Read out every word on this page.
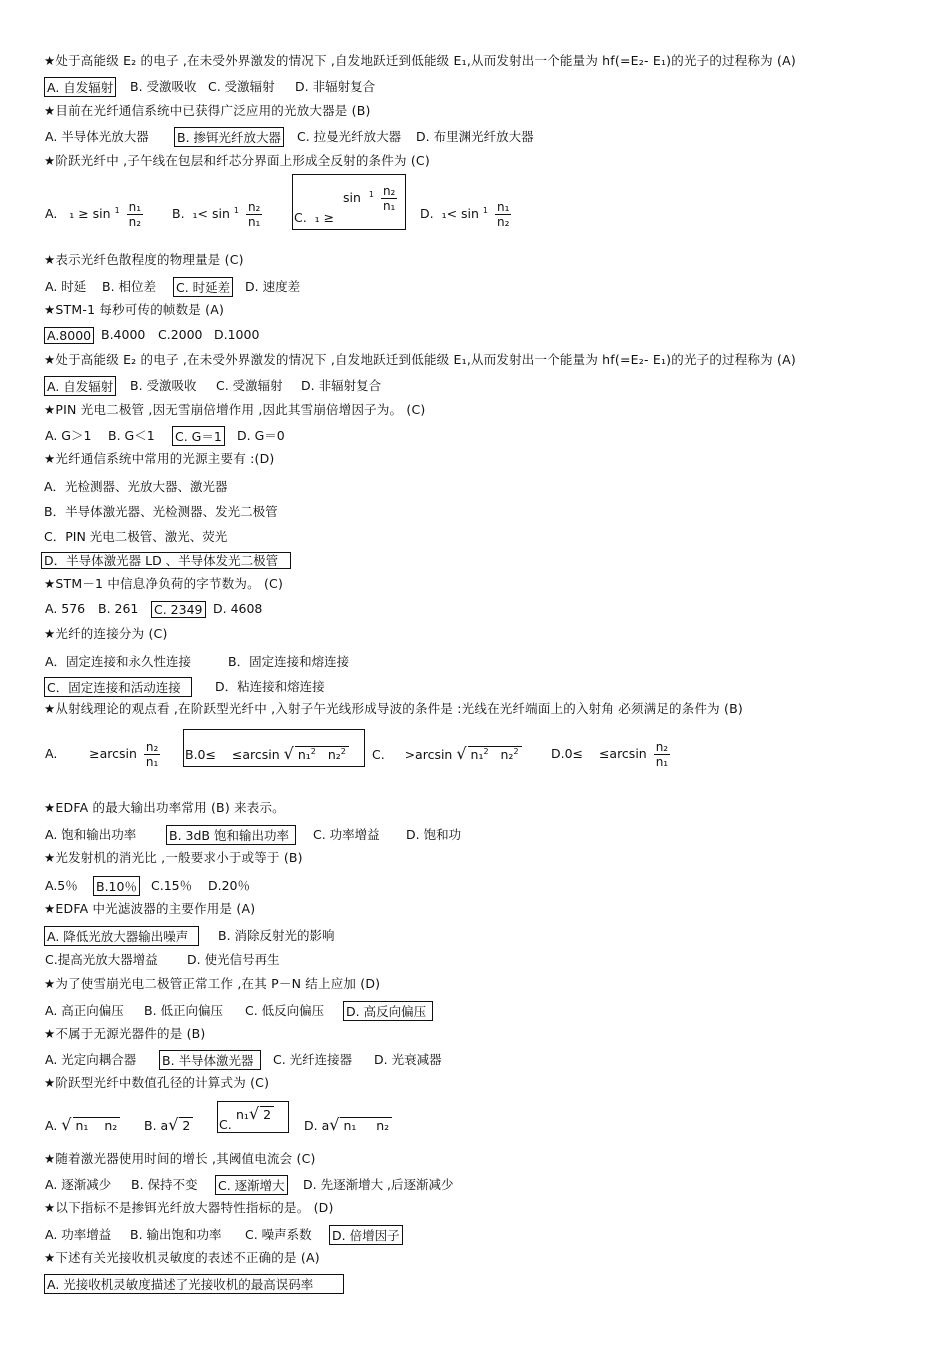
★处于高能级 E₂ 的电子 ,在未受外界激发的情况下 ,自发地跃迁到低能级 E₁,从而发射出一个能量为 hf(=E₂- E₁)的光子的过程称为 (A)
A. 自发辐射 B. 受激吸收 C. 受激辐射 D. 非辐射复合
★目前在光纤通信系统中已获得广泛应用的光放大器是 (B)
A. 半导体光放大器 B. 掺铒光纤放大器 C. 拉曼光纤放大器 D. 布里渊光纤放大器
★阶跃光纤中 ,子午线在包层和纤芯分界面上形成全反射的条件为 (C)
A. $_1 \ge \sin ^1 \frac{\text{n₁}}{\text{n₂}} B$. $_1< \sin ^1 \frac{\text{n₂}}{\text{n₁}}$
$\sin ^1 \frac{\text{n₂}}{\text{n₁}}$
C. ₁ ≥	D. $_1< \sin ^1 \frac{\text{n₁}}{\text{n₂}}$
★表示光纤色散程度的物理量是 (C)
A. 时延 B. 相位差 C. 时延差 D. 速度差
★STM-1 每秒可传的帧数是 (A)
A.8000 B.4000 C.2000 D.1000
★处于高能级 E₂ 的电子 ,在未受外界激发的情况下 ,自发地跃迁到低能级 E₁,从而发射出一个能量为 hf(=E₂- E₁)的光子的过程称为 (A)
A. 自发辐射 B. 受激吸收 C. 受激辐射 D. 非辐射复合
★PIN 光电二极管 ,因无雪崩倍增作用 ,因此其雪崩倍增因子为。 (C)
A. G＞1 B. G＜1 C. G＝1 D. G＝0
★光纤通信系统中常用的光源主要有 :(D)
A．光检测器、光放大器、激光器
B．半导体激光器、光检测器、发光二极管
C．PIN 光电二极管、激光、荧光
D．半导体激光器 LD 、半导体发光二极管
★STM－1 中信息净负荷的字节数为。 (C)
A. 576 B. 261 C. 2349 D. 4608
★光纤的连接分为 (C)
A．固定连接和永久性连接	B．固定连接和熔连接
C．固定连接和活动连接	D．粘连接和熔连接
★从射线理论的观点看 ,在阶跃型光纤中 ,入射子午光线形成导波的条件是 :光线在光纤端面上的入射角 必须满足的条件为 (B)
A.	$\ge\arcsin \frac{\text{n₂}}{\text{n₁}} B.0\le \le\arcsin$ √ n₁$^2$ n₂$^2$ C. >arcsin √ n₁$^2$ n₂$^2$	$D.0\le \le\arcsin \frac{\text{n₂}}{\text{n₁}}$
★EDFA 的最大输出功率常用 (B) 来表示。
A. 饱和输出功率	B. 3dB 饱和输出功率	C. 功率增益 D. 饱和功
★光发射机的消光比 ,一般要求小于或等于 (B)
A.5％ B.10％ C.15％ D.20％
★EDFA 中光滤波器的主要作用是 (A)
A. 降低光放大器输出噪声	B. 消除反射光的影响
C.提高光放大器增益 D. 使光信号再生
★为了使雪崩光电二极管正常工作 ,在其 P－N 结上应加 (D)
A. 高正向偏压 B. 低正向偏压 C. 低反向偏压 D. 高反向偏压
★不属于无源光器件的是 (B)
A. 光定向耦合器 B. 半导体激光器	C. 光纤连接器 D. 光衰减器
★阶跃型光纤中数值孔径的计算式为 (C)
A. √ n₁ n₂ B. a√ 2 C.
n₁√ 2
D. a√ n₁ n₂
★随着激光器使用时间的增长 ,其阈值电流会 (C)
A. 逐渐减少 B. 保持不变 C. 逐渐增大 D. 先逐渐增大 ,后逐渐减少
★以下指标不是掺铒光纤放大器特性指标的是。 (D)
A. 功率增益 B. 输出饱和功率 C. 噪声系数 D. 倍增因子
★下述有关光接收机灵敏度的表述不正确的是 (A)
A. 光接收机灵敏度描述了光接收机的最高误码率
